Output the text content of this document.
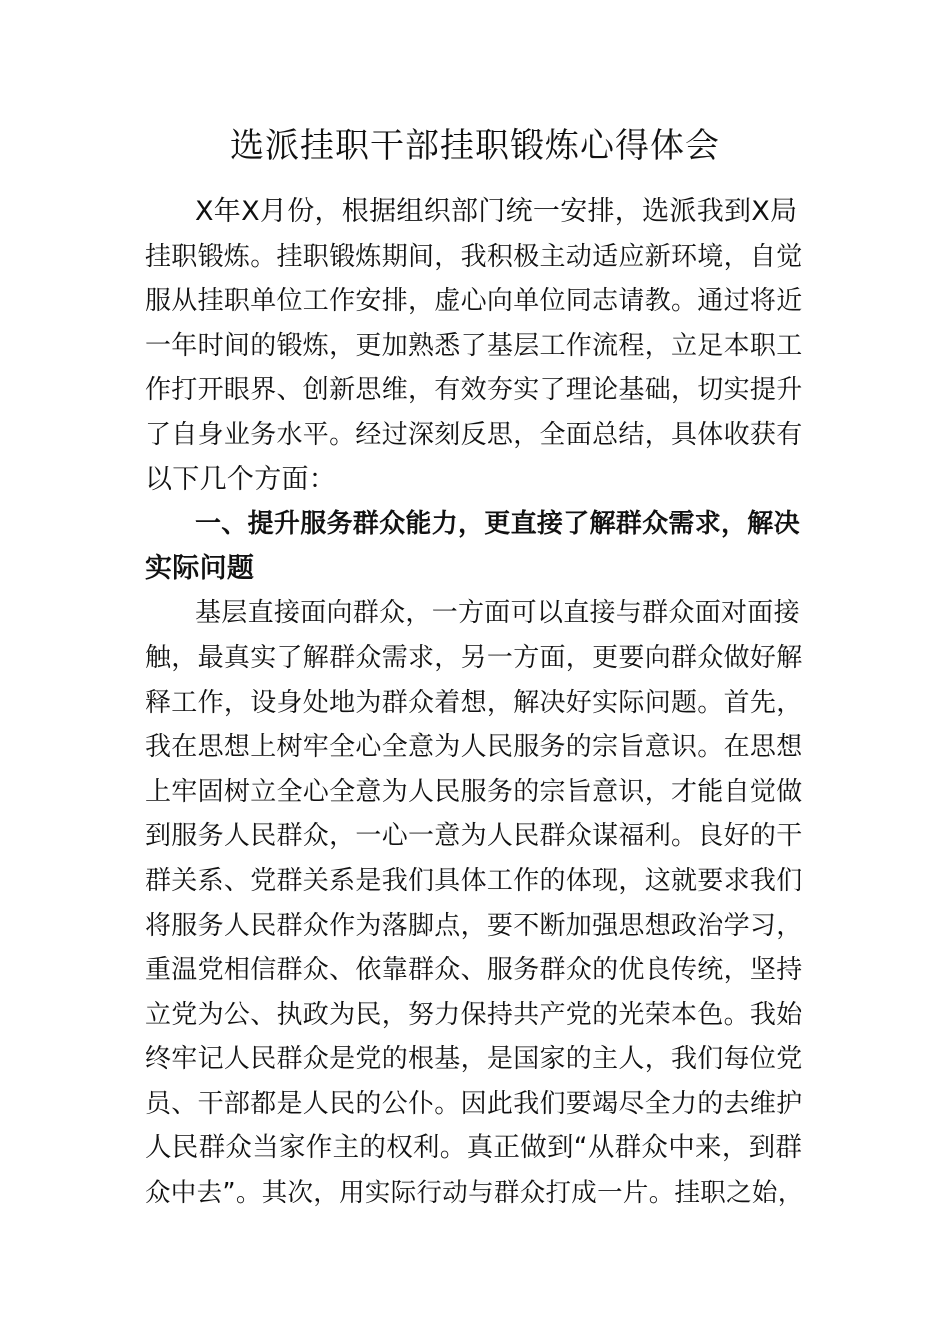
选派挂职干部挂职锻炼心得体会
X年X月份，根据组织部门统一安排，选派我到X局
挂职锻炼。挂职锻炼期间，我积极主动适应新环境，自觉
服从挂职单位工作安排，虚心向单位同志请教。通过将近
一年时间的锻炼，更加熟悉了基层工作流程，立足本职工
作打开眼界、创新思维，有效夯实了理论基础，切实提升
了自身业务水平。经过深刻反思，全面总结，具体收获有
以下几个方面：
一、提升服务群众能力，更直接了解群众需求，解决
实际问题
基层直接面向群众，一方面可以直接与群众面对面接
触，最真实了解群众需求，另一方面，更要向群众做好解
释工作，设身处地为群众着想，解决好实际问题。首先，
我在思想上树牢全心全意为人民服务的宗旨意识。在思想
上牢固树立全心全意为人民服务的宗旨意识，才能自觉做
到服务人民群众，一心一意为人民群众谋福利。良好的干
群关系、党群关系是我们具体工作的体现，这就要求我们
将服务人民群众作为落脚点，要不断加强思想政治学习，
重温党相信群众、依靠群众、服务群众的优良传统，坚持
立党为公、执政为民，努力保持共产党的光荣本色。我始
终牢记人民群众是党的根基，是国家的主人，我们每位党
员、干部都是人民的公仆。因此我们要竭尽全力的去维护
人民群众当家作主的权利。真正做到“从群众中来，到群
众中去”。其次，用实际行动与群众打成一片。挂职之始，
